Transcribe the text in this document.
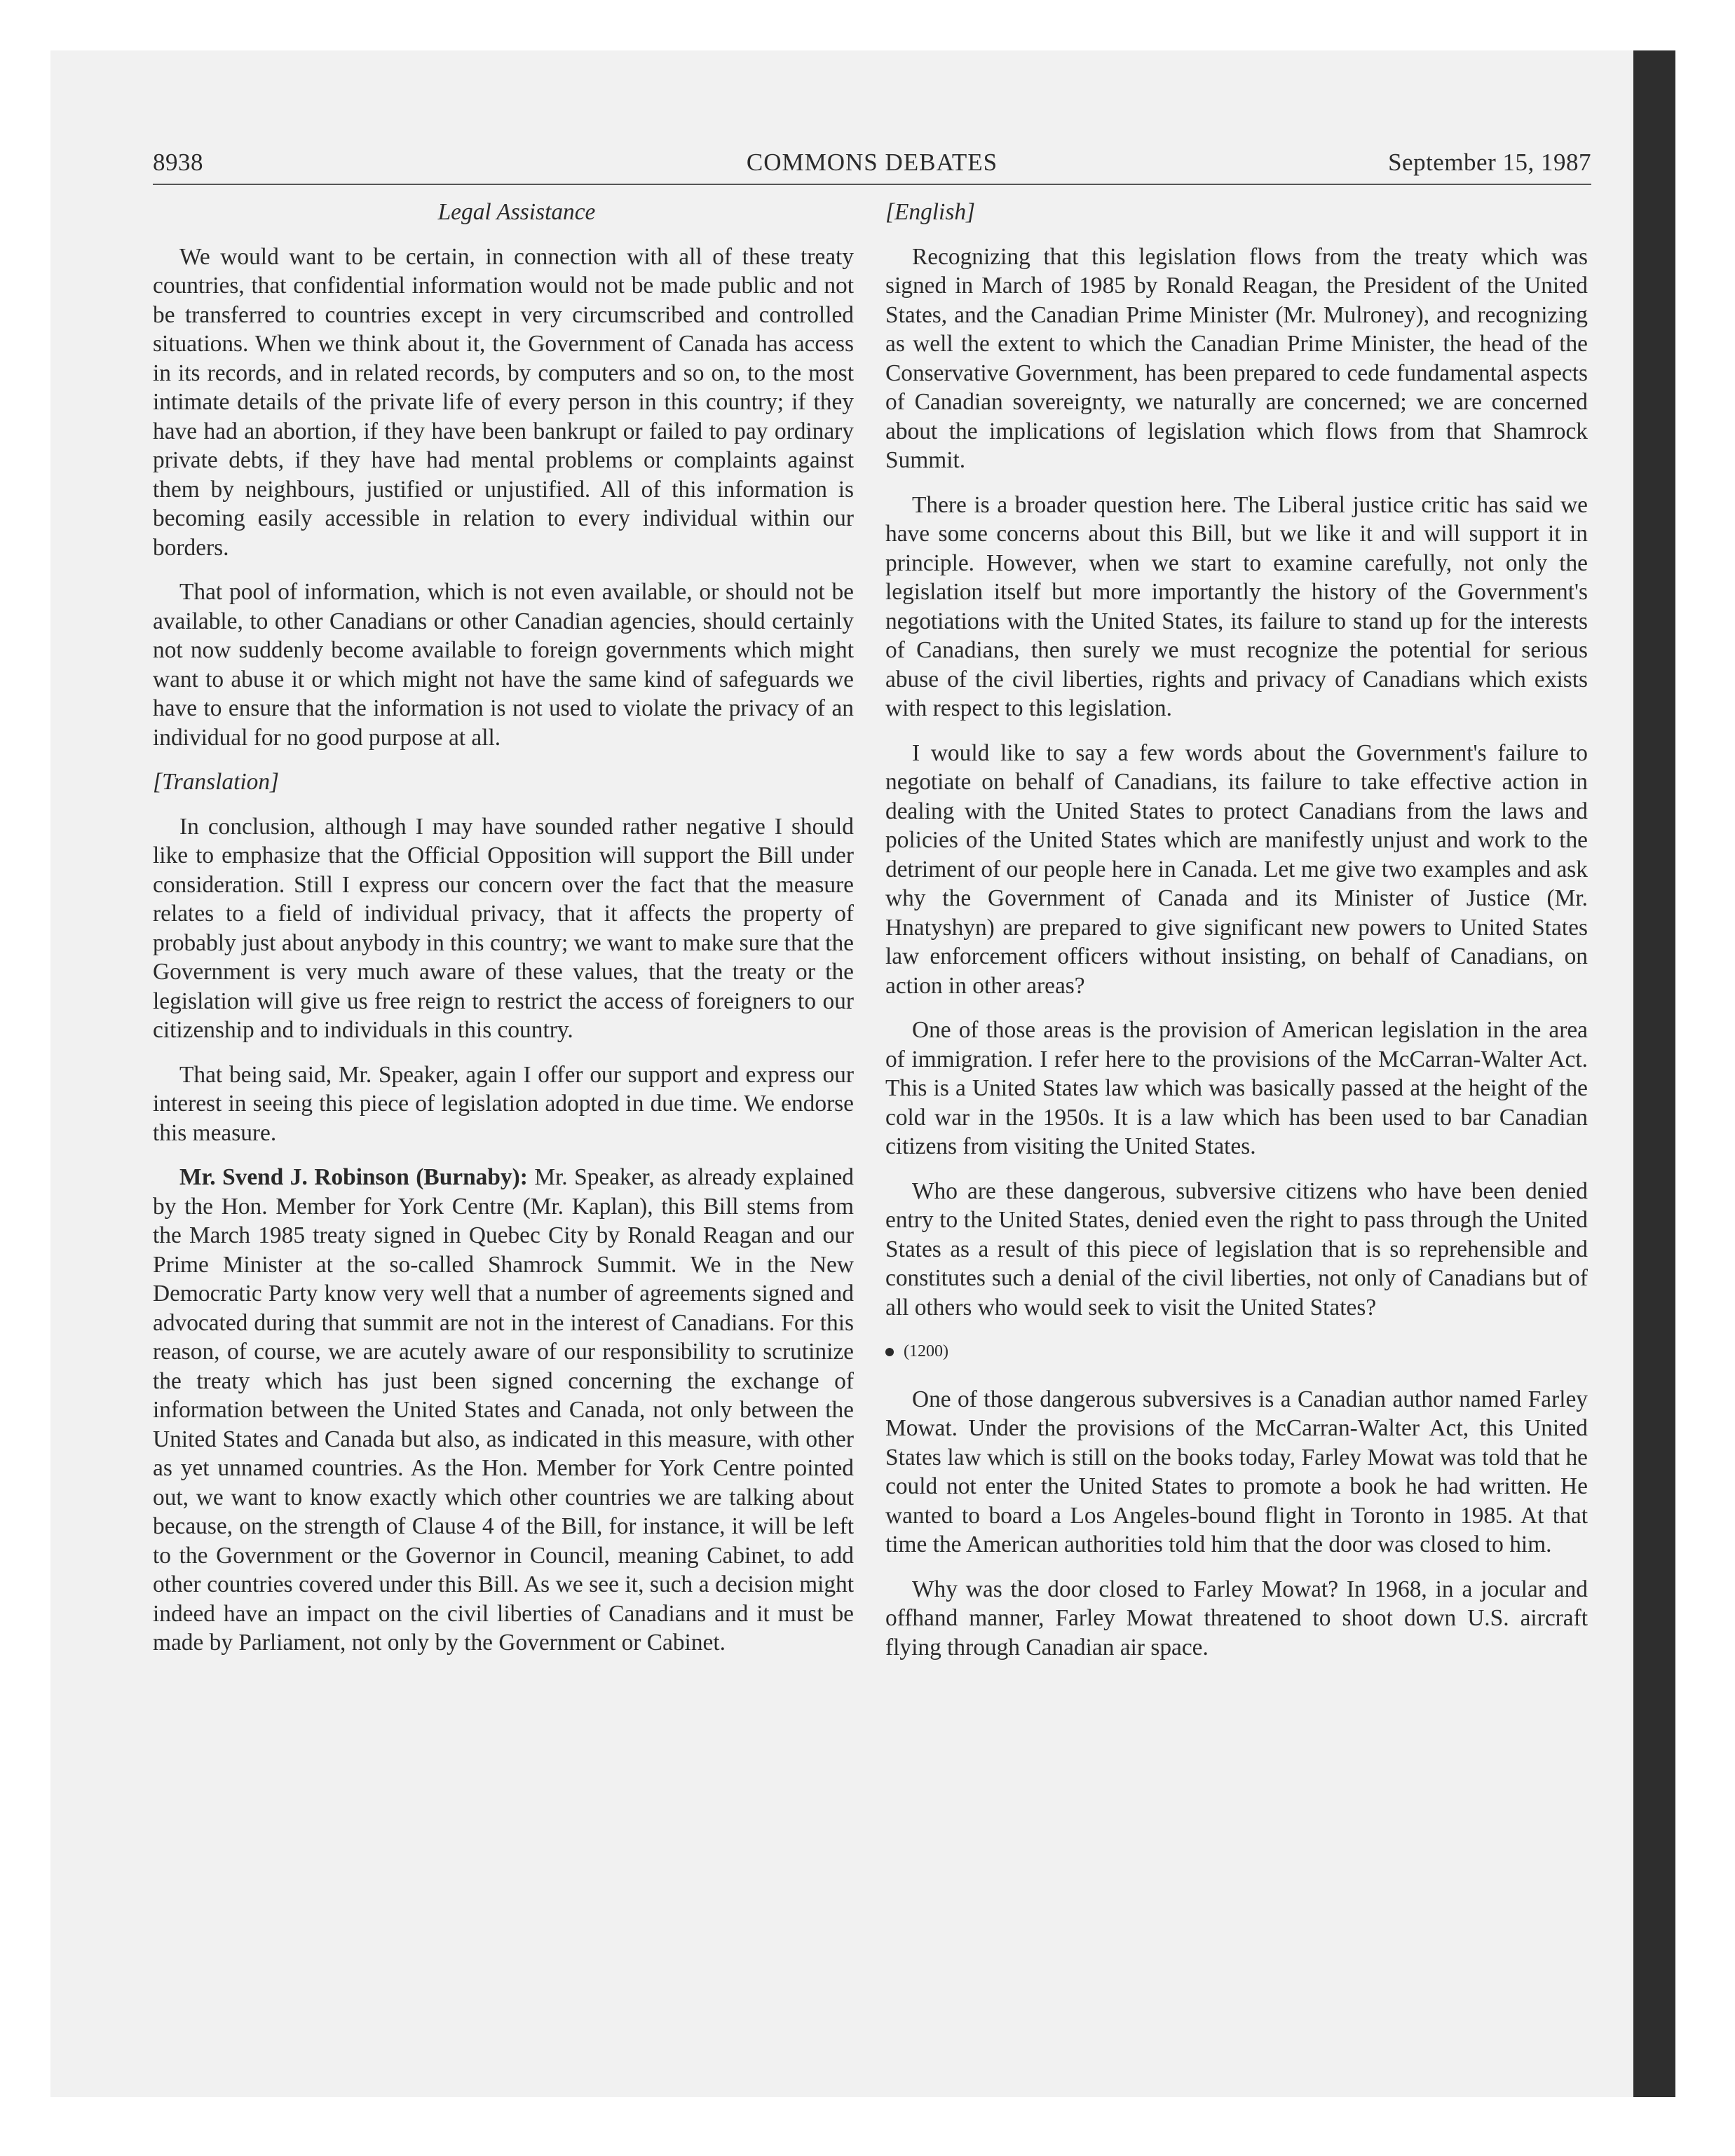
8938	COMMONS DEBATES	September 15, 1987

Legal Assistance

We would want to be certain, in connection with all of these treaty countries, that confidential information would not be made public and not be transferred to countries except in very circumscribed and controlled situations. When we think about it, the Government of Canada has access in its records, and in related records, by computers and so on, to the most intimate details of the private life of every person in this country; if they have had an abortion, if they have been bankrupt or failed to pay ordinary private debts, if they have had mental problems or complaints against them by neighbours, justified or unjustified. All of this information is becoming easily accessible in relation to every individual within our borders.

That pool of information, which is not even available, or should not be available, to other Canadians or other Canadian agencies, should certainly not now suddenly become available to foreign governments which might want to abuse it or which might not have the same kind of safeguards we have to ensure that the information is not used to violate the privacy of an individual for no good purpose at all.

[Translation]

In conclusion, although I may have sounded rather negative I should like to emphasize that the Official Opposition will support the Bill under consideration. Still I express our concern over the fact that the measure relates to a field of individual privacy, that it affects the property of probably just about anybody in this country; we want to make sure that the Government is very much aware of these values, that the treaty or the legislation will give us free reign to restrict the access of foreigners to our citizenship and to individuals in this country.

That being said, Mr. Speaker, again I offer our support and express our interest in seeing this piece of legislation adopted in due time. We endorse this measure.

Mr. Svend J. Robinson (Burnaby): Mr. Speaker, as already explained by the Hon. Member for York Centre (Mr. Kaplan), this Bill stems from the March 1985 treaty signed in Quebec City by Ronald Reagan and our Prime Minister at the so-called Shamrock Summit. We in the New Democratic Party know very well that a number of agreements signed and advocated during that summit are not in the interest of Canadians. For this reason, of course, we are acutely aware of our responsibility to scrutinize the treaty which has just been signed concerning the exchange of information between the United States and Canada, not only between the United States and Canada but also, as indicated in this measure, with other as yet unnamed countries. As the Hon. Member for York Centre pointed out, we want to know exactly which other countries we are talking about because, on the strength of Clause 4 of the Bill, for instance, it will be left to the Government or the Governor in Council, meaning Cabinet, to add other countries covered under this Bill. As we see it, such a decision might indeed have an impact on the civil liberties of Canadians and it must be made by Parliament, not only by the Government or Cabinet.

[English]

Recognizing that this legislation flows from the treaty which was signed in March of 1985 by Ronald Reagan, the President of the United States, and the Canadian Prime Minister (Mr. Mulroney), and recognizing as well the extent to which the Canadian Prime Minister, the head of the Conservative Government, has been prepared to cede fundamental aspects of Canadian sovereignty, we naturally are concerned; we are concerned about the implications of legislation which flows from that Shamrock Summit.

There is a broader question here. The Liberal justice critic has said we have some concerns about this Bill, but we like it and will support it in principle. However, when we start to examine carefully, not only the legislation itself but more importantly the history of the Government's negotiations with the United States, its failure to stand up for the interests of Canadians, then surely we must recognize the potential for serious abuse of the civil liberties, rights and privacy of Canadians which exists with respect to this legislation.

I would like to say a few words about the Government's failure to negotiate on behalf of Canadians, its failure to take effective action in dealing with the United States to protect Canadians from the laws and policies of the United States which are manifestly unjust and work to the detriment of our people here in Canada. Let me give two examples and ask why the Government of Canada and its Minister of Justice (Mr. Hnatyshyn) are prepared to give significant new powers to United States law enforcement officers without insisting, on behalf of Canadians, on action in other areas?

One of those areas is the provision of American legislation in the area of immigration. I refer here to the provisions of the McCarran-Walter Act. This is a United States law which was basically passed at the height of the cold war in the 1950s. It is a law which has been used to bar Canadian citizens from visiting the United States.

Who are these dangerous, subversive citizens who have been denied entry to the United States, denied even the right to pass through the United States as a result of this piece of legislation that is so reprehensible and constitutes such a denial of the civil liberties, not only of Canadians but of all others who would seek to visit the United States?

(1200)

One of those dangerous subversives is a Canadian author named Farley Mowat. Under the provisions of the McCarran-Walter Act, this United States law which is still on the books today, Farley Mowat was told that he could not enter the United States to promote a book he had written. He wanted to board a Los Angeles-bound flight in Toronto in 1985. At that time the American authorities told him that the door was closed to him.

Why was the door closed to Farley Mowat? In 1968, in a jocular and offhand manner, Farley Mowat threatened to shoot down U.S. aircraft flying through Canadian air space.
